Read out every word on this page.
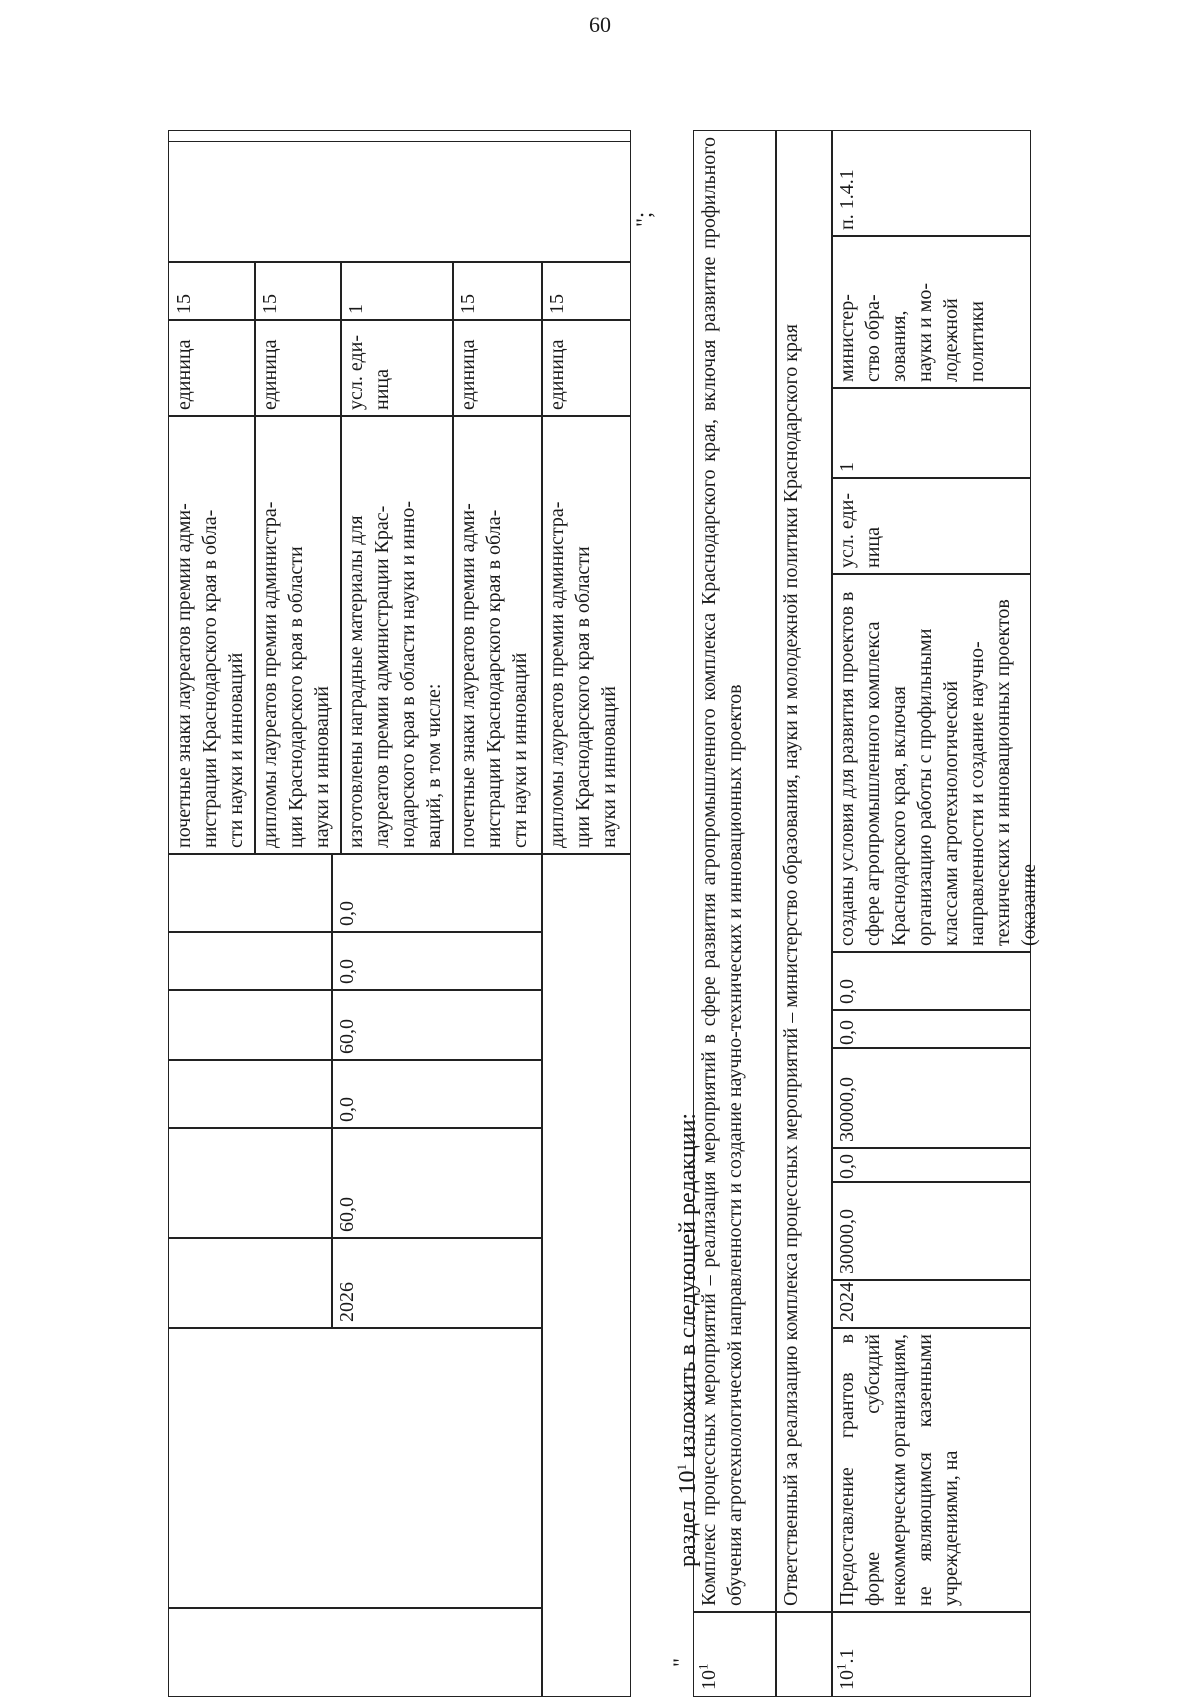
60
2026
60,0
0,0
60,0
0,0
0,0
почетные знаки лауреатов премии адми-
нистрации Краснодарского края в обла-
сти науки и инноваций
единица
15
дипломы лауреатов премии администра-
ции Краснодарского края в области
науки и инноваций
единица
15
изготовлены наградные материалы для
лауреатов премии администрации Крас-
нодарского края в области науки и инно-
ваций, в том числе:
усл. еди-
ница
1
почетные знаки лауреатов премии адми-
нистрации Краснодарского края в обла-
сти науки и инноваций
единица
15
дипломы лауреатов премии администра-
ции Краснодарского края в области
науки и инноваций
единица
15
";
раздел $10^1$ изложить в следующей редакции:
"
$10^1$
Комплекс процессных мероприятий – реализация мероприятий в сфере развития агропромышленного комплекса Краснодарского края, включая развитие профильного обучения агротехнологической направленности и создание научно-технических и инновационных проектов	Ответственный за реализацию комплекса процессных мероприятий – министерство образования, науки и молодежной политики Краснодарского края
$10^1.1$
Предоставление грантов в форме субсидий некоммерческим организациям, не являющимся казенными учреждениями, на
2024
30000,0
0,0
30000,0
0,0
0,0
созданы условия для развития проектов в сфере агропромышленного комплекса Краснодарского края, включая организацию работы с профильными классами агротехнологической направленности и создание научно-технических и инновационных проектов (оказание
усл. еди-
ница
1
министер-
ство обра-
зования,
науки и мо-
лодежной
политики
п. 1.4.1
